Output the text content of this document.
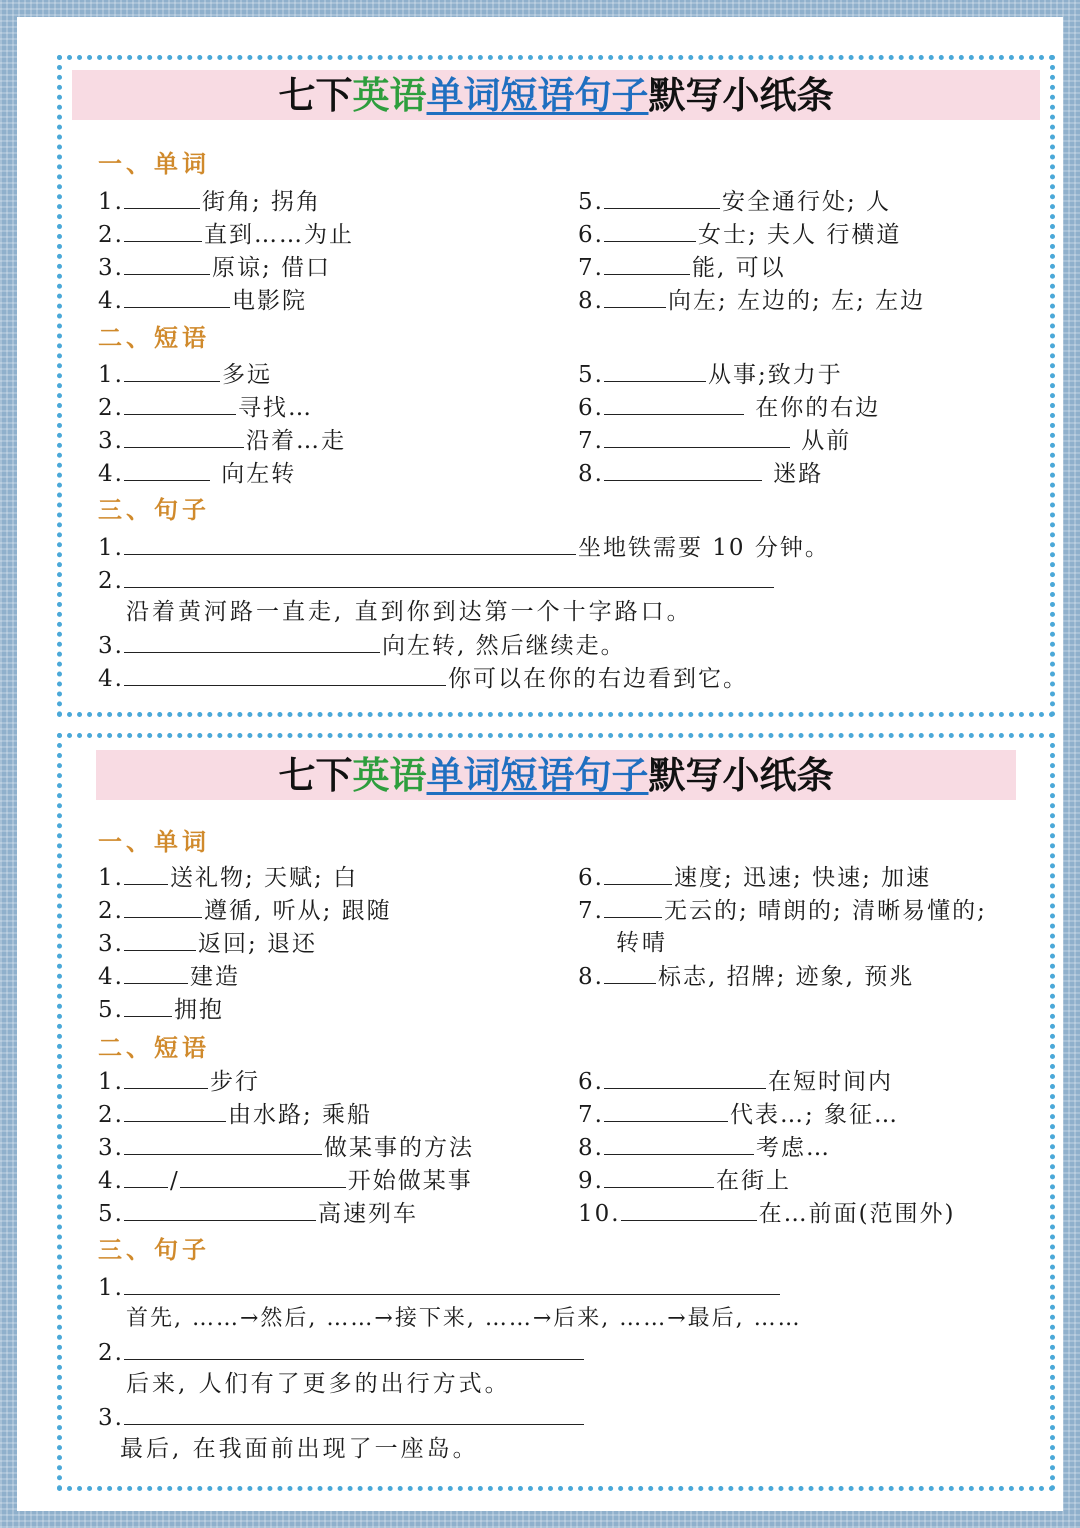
七下英语单词短语句子默写小纸条
一、单词
1.	街角; 拐角
2.	直到……为止
3.	原谅; 借口
4.	电影院
5.	安全通行处; 人
6.	女士; 夫人 行横道
7.	能, 可以
8.	向左; 左边的; 左; 左边
二、短语
1.	多远
2.	寻找…
3.	沿着…走
4.	向左转
5.	从事;致力于
6.	在你的右边
7.	从前
8.	迷路
三、句子
1.	坐地铁需要 10 分钟。
2.
沿着黄河路一直走, 直到你到达第一个十字路口。
3.	向左转, 然后继续走。
4.	你可以在你的右边看到它。
七下英语单词短语句子默写小纸条
一、单词
1. 送礼物; 天赋; 白
2.	遵循, 听从; 跟随
3.	返回; 退还
4.	建造
5. 拥抱
6.	速度; 迅速; 快速; 加速
7.	无云的; 晴朗的; 清晰易懂的;
转晴
8. 标志, 招牌; 迹象, 预兆
二、短语
1.	步行
2.	由水路; 乘船
3.	做某事的方法
4. /	开始做某事
5.	高速列车
6.	在短时间内
7.	代表…; 象征…
8.	考虑…
9.	在街上
10.	在…前面(范围外)
三、句子
1.
首先, ……→然后, ……→接下来, ……→后来, ……→最后, ……
2.
后来, 人们有了更多的出行方式。
3.
最后, 在我面前出现了一座岛。
